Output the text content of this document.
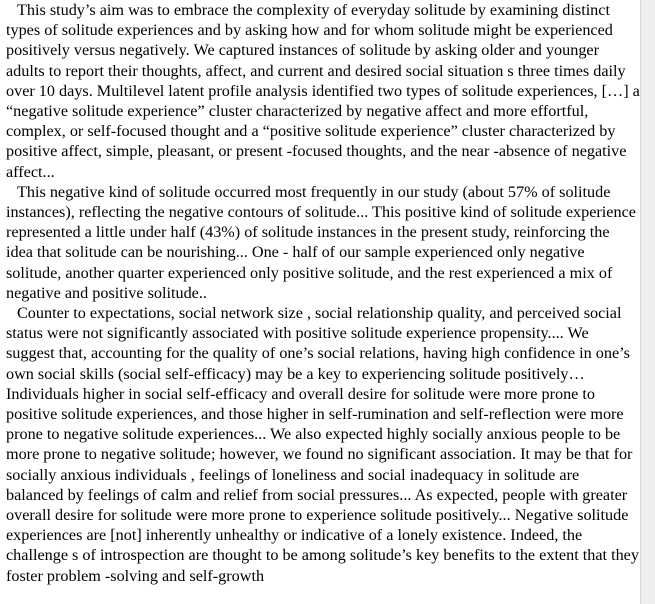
This study’s aim was to embrace the complexity of everyday solitude by examining distinct types of solitude experiences and by asking how and for whom solitude might be experienced positively versus negatively. We captured instances of solitude by asking older and younger adults to report their thoughts, affect, and current and desired social situation s three times daily over 10 days. Multilevel latent profile analysis identified two types of solitude experiences, […] a “negative solitude experience” cluster characterized by negative affect and more effortful, complex, or self-focused thought and a “positive solitude experience” cluster characterized by positive affect, simple, pleasant, or present -focused thoughts, and the near -absence of negative affect...

This negative kind of solitude occurred most frequently in our study (about 57% of solitude instances), reflecting the negative contours of solitude... This positive kind of solitude experience represented a little under half (43%) of solitude instances in the present study, reinforcing the idea that solitude can be nourishing... One - half of our sample experienced only negative solitude, another quarter experienced only positive solitude, and the rest experienced a mix of negative and positive solitude..

Counter to expectations, social network size , social relationship quality, and perceived social status were not significantly associated with positive solitude experience propensity.... We suggest that, accounting for the quality of one’s social relations, having high confidence in one’s own social skills (social self-efficacy) may be a key to experiencing solitude positively… Individuals higher in social self-efficacy and overall desire for solitude were more prone to positive solitude experiences, and those higher in self-rumination and self-reflection were more prone to negative solitude experiences... We also expected highly socially anxious people to be more prone to negative solitude; however, we found no significant association. It may be that for socially anxious individuals , feelings of loneliness and social inadequacy in solitude are balanced by feelings of calm and relief from social pressures... As expected, people with greater overall desire for solitude were more prone to experience solitude positively... Negative solitude experiences are [not] inherently unhealthy or indicative of a lonely existence. Indeed, the challenge s of introspection are thought to be among solitude’s key benefits to the extent that they foster problem -solving and self-growth
